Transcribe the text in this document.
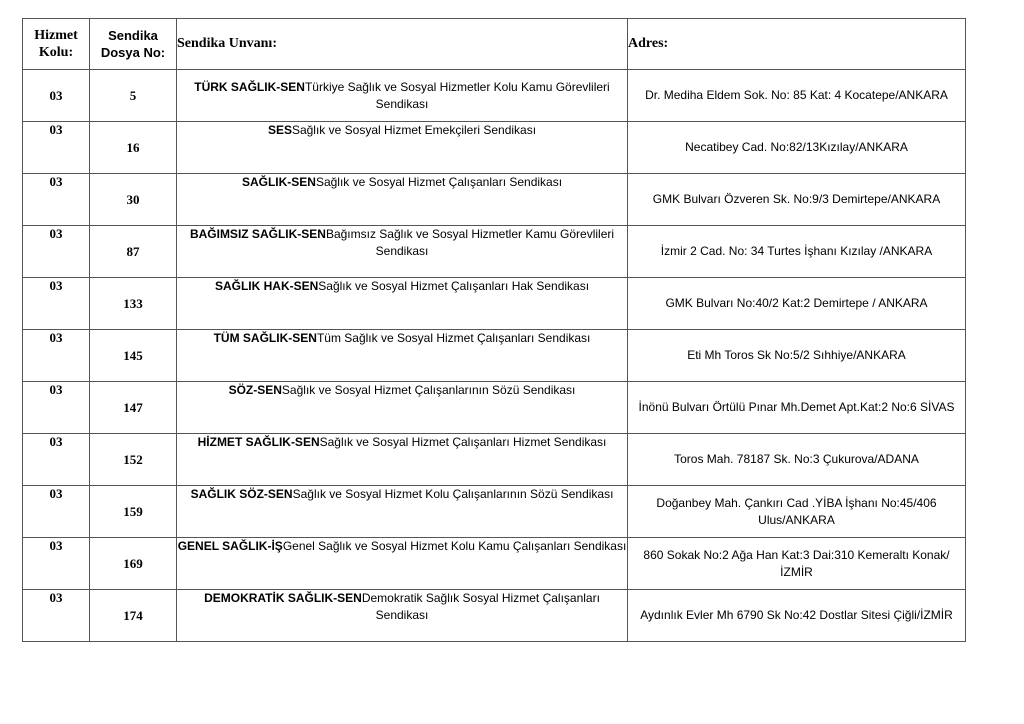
Hizmet Kolu:	Sendika Dosya No:	Sendika Unvanı:	Adres:
03	5	TÜRK SAĞLIK-SENTürkiye Sağlık ve Sosyal Hizmetler Kolu Kamu Görevlileri Sendikası	Dr. Mediha Eldem Sok. No: 85 Kat: 4 Kocatepe/ANKARA
03	16	SESSağlık ve Sosyal Hizmet Emekçileri Sendikası	Necatibey Cad. No:82/13Kızılay/ANKARA
03	30	SAĞLIK-SENSağlık ve Sosyal Hizmet Çalışanları Sendikası	GMK Bulvarı Özveren Sk. No:9/3 Demirtepe/ANKARA
03	87	BAĞIMSIZ SAĞLIK-SENBağımsız Sağlık ve Sosyal Hizmetler Kamu Görevlileri Sendikası	İzmir 2 Cad. No: 34 Turtes İşhanı Kızılay /ANKARA
03	133	SAĞLIK HAK-SENSağlık ve Sosyal Hizmet Çalışanları Hak Sendikası	GMK Bulvarı No:40/2 Kat:2 Demirtepe / ANKARA
03	145	TÜM SAĞLIK-SENTüm Sağlık ve Sosyal Hizmet Çalışanları Sendikası	Eti Mh Toros Sk No:5/2 Sıhhiye/ANKARA
03	147	SÖZ-SENSağlık ve Sosyal Hizmet Çalışanlarının Sözü Sendikası	İnönü Bulvarı Örtülü Pınar Mh.Demet Apt.Kat:2 No:6 SİVAS
03	152	HİZMET SAĞLIK-SENSağlık ve Sosyal Hizmet Çalışanları Hizmet Sendikası	Toros Mah. 78187 Sk. No:3 Çukurova/ADANA
03	159	SAĞLIK SÖZ-SENSağlık ve Sosyal Hizmet Kolu Çalışanlarının Sözü Sendikası	Doğanbey Mah. Çankırı Cad .YİBA İşhanı No:45/406 Ulus/ANKARA
03	169	GENEL SAĞLIK-İŞGenel Sağlık ve Sosyal Hizmet Kolu Kamu Çalışanları Sendikası	860 Sokak No:2 Ağa Han Kat:3 Dai:310 Kemeraltı Konak/İZMİR
03	174	DEMOKRATİK SAĞLIK-SENDemokratik Sağlık Sosyal Hizmet Çalışanları Sendikası	Aydınlık Evler Mh 6790 Sk No:42 Dostlar Sitesi Çiğli/İZMİR
